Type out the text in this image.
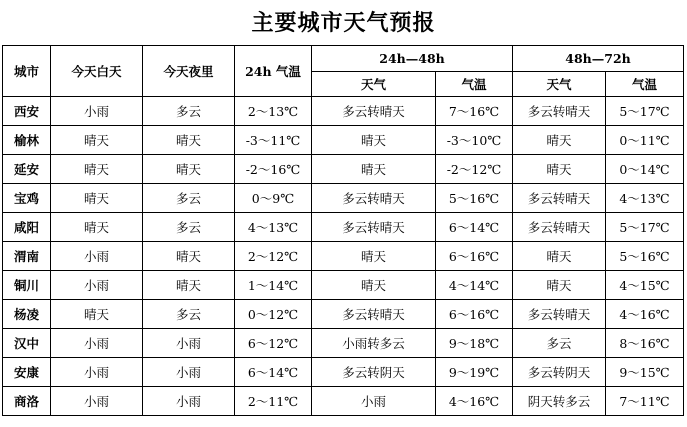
主要城市天气预报
城市	今天白天	今天夜里	24h 气温	24h—48h		48h—72h	
				天气	气温	天气	气温
西安	小雨	多云	2～13℃	多云转晴天	7～16℃	多云转晴天	5～17℃
榆林	晴天	晴天	-3～11℃	晴天	-3～10℃	晴天	0～11℃
延安	晴天	晴天	-2～16℃	晴天	-2～12℃	晴天	0～14℃
宝鸡	晴天	多云	0～9℃	多云转晴天	5～16℃	多云转晴天	4～13℃
咸阳	晴天	多云	4～13℃	多云转晴天	6～14℃	多云转晴天	5～17℃
渭南	小雨	晴天	2～12℃	晴天	6～16℃	晴天	5～16℃
铜川	小雨	晴天	1～14℃	晴天	4～14℃	晴天	4～15℃
杨凌	晴天	多云	0～12℃	多云转晴天	6～16℃	多云转晴天	4～16℃
汉中	小雨	小雨	6～12℃	小雨转多云	9～18℃	多云	8～16℃
安康	小雨	小雨	6～14℃	多云转阴天	9～19℃	多云转阴天	9～15℃
商洛	小雨	小雨	2～11℃	小雨	4～16℃	阴天转多云	7～11℃
